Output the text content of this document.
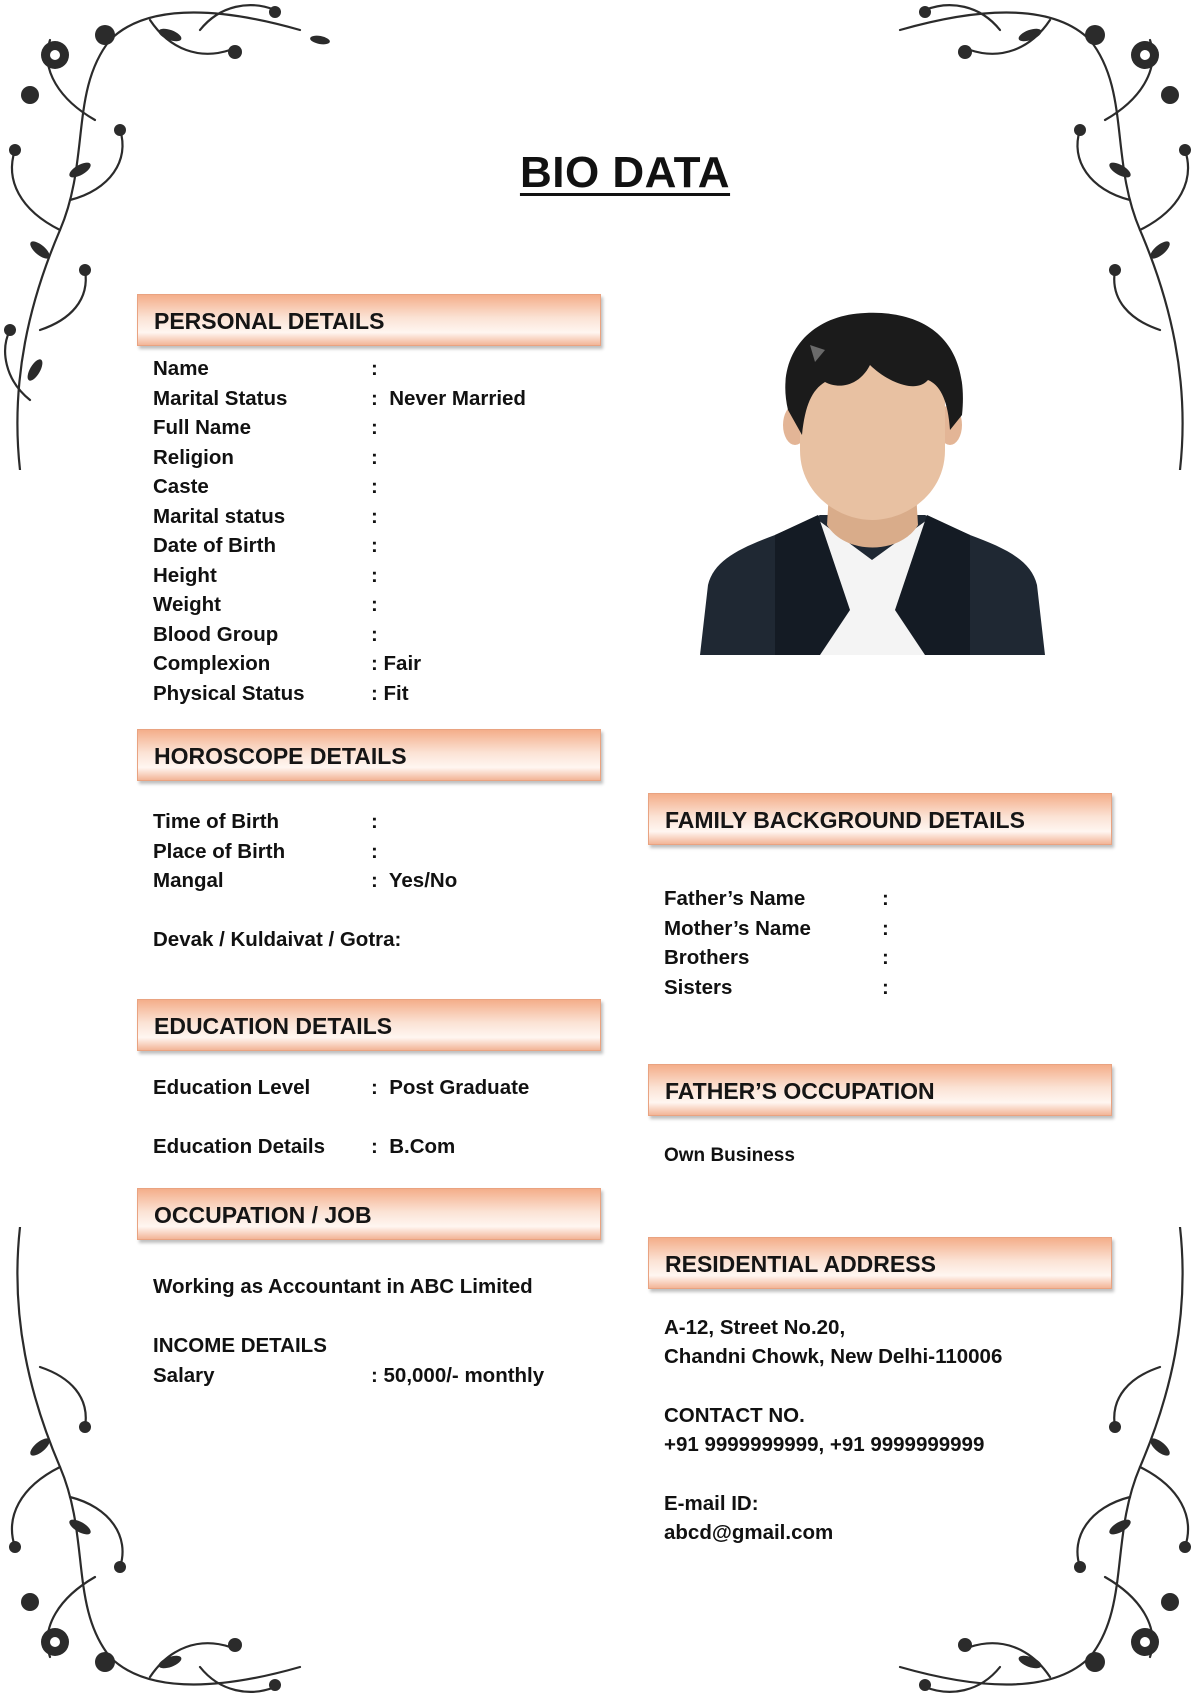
BIO DATA
PERSONAL DETAILS
Name	:
Marital Status	:  Never Married
Full Name	:
Religion	:
Caste	:
Marital status	:
Date of Birth	:
Height	:
Weight	:
Blood Group	:
Complexion	: Fair
Physical Status	: Fit
HOROSCOPE DETAILS
Time of Birth	:
Place of Birth	:
Mangal	:  Yes/No
Devak / Kuldaivat / Gotra:
EDUCATION DETAILS
Education Level	:  Post Graduate
Education Details :  B.Com
OCCUPATION / JOB
Working as Accountant in ABC Limited
INCOME DETAILS
Salary	: 50,000/- monthly
FAMILY BACKGROUND DETAILS
Father’s Name	:
Mother’s Name	:
Brothers	:
Sisters	:
FATHER’S OCCUPATION
Own Business
RESIDENTIAL ADDRESS
A-12, Street No.20,
Chandni Chowk, New Delhi-110006
CONTACT NO.
+91 9999999999, +91 9999999999
E-mail ID:
abcd@gmail.com
